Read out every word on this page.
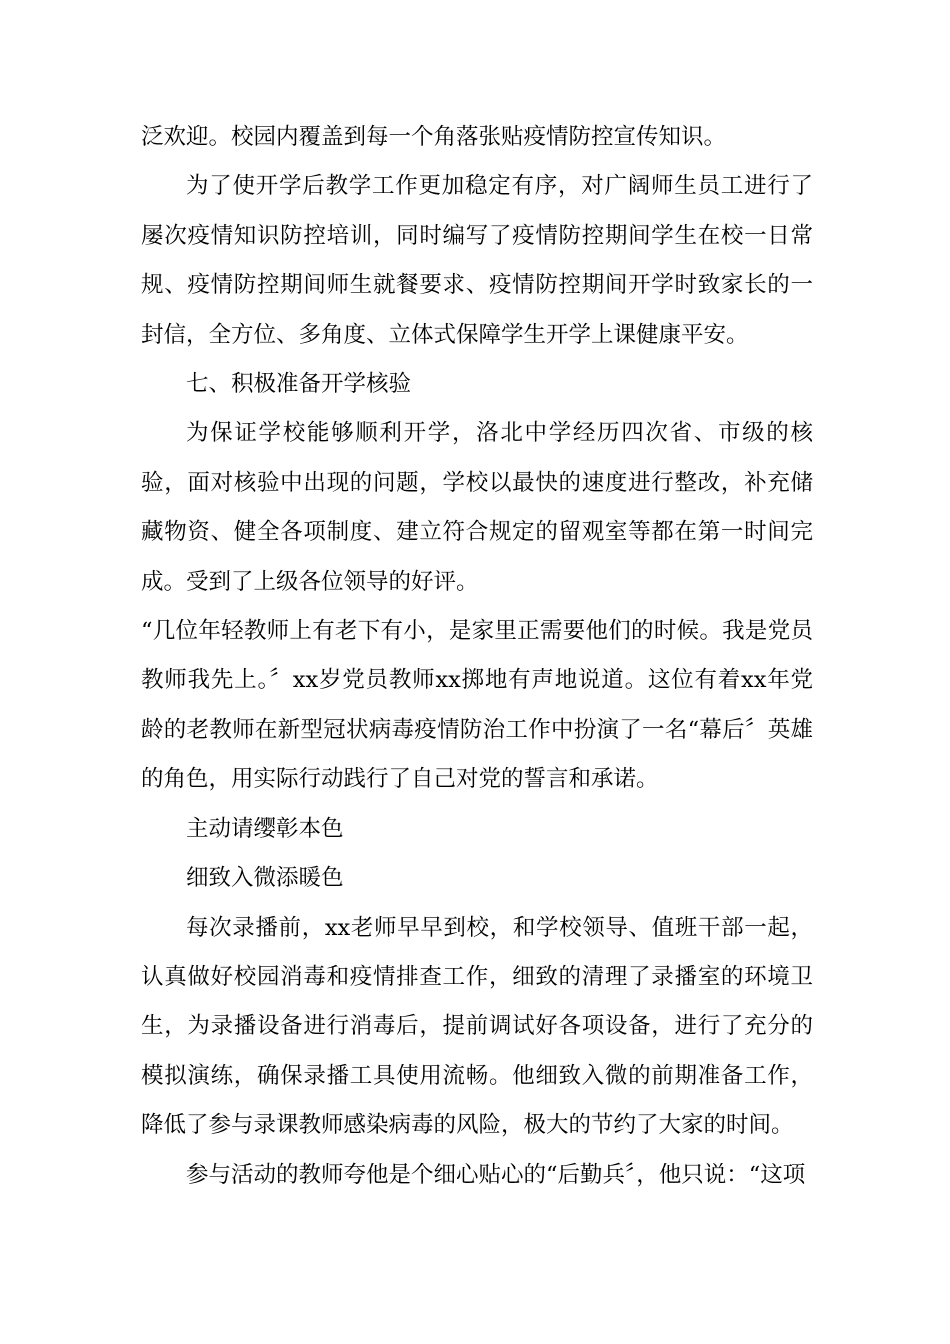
泛欢迎。校园内覆盖到每一个角落张贴疫情防控宣传知识。

为了使开学后教学工作更加稳定有序，对广阔师生员工进行了屡次疫情知识防控培训，同时编写了疫情防控期间学生在校一日常规、疫情防控期间师生就餐要求、疫情防控期间开学时致家长的一封信，全方位、多角度、立体式保障学生开学上课健康平安。

七、积极准备开学核验

为保证学校能够顺利开学，洛北中学经历四次省、市级的核验，面对核验中出现的问题，学校以最快的速度进行整改，补充储藏物资、健全各项制度、建立符合规定的留观室等都在第一时间完成。受到了上级各位领导的好评。

“几位年轻教师上有老下有小，是家里正需要他们的时候。我是党员教师我先上。〞xx岁党员教师xx掷地有声地说道。这位有着xx年党龄的老教师在新型冠状病毒疫情防治工作中扮演了一名“幕后〞英雄的角色，用实际行动践行了自己对党的誓言和承诺。

主动请缨彰本色

细致入微添暖色

每次录播前，xx老师早早到校，和学校领导、值班干部一起，认真做好校园消毒和疫情排查工作，细致的清理了录播室的环境卫生，为录播设备进行消毒后，提前调试好各项设备，进行了充分的模拟演练，确保录播工具使用流畅。他细致入微的前期准备工作，降低了参与录课教师感染病毒的风险，极大的节约了大家的时间。

参与活动的教师夸他是个细心贴心的“后勤兵〞，他只说：“这项
